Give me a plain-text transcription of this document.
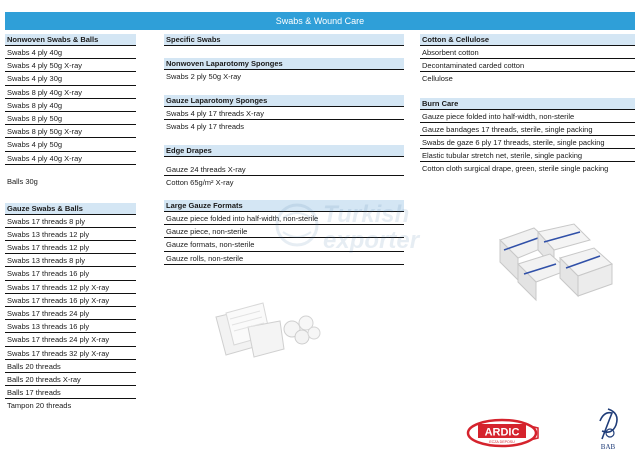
Swabs & Wound Care
Nonwoven Swabs & Balls
Swabs 4 ply 40g
Swabs 4 ply 50g X-ray
Swabs 4 ply 30g
Swabs 8 ply 40g X-ray
Swabs 8 ply 40g
Swabs 8 ply 50g
Swabs 8 ply 50g X-ray
Swabs 4 ply 50g
Swabs 4 ply 40g X-ray
Balls 30g
Gauze Swabs & Balls
Swabs 17 threads 8 ply
Swabs 13 threads 12 ply
Swabs 17 threads 12 ply
Swabs 13 threads 8 ply
Swabs 17 threads 16 ply
Swabs 17 threads 12 ply X-ray
Swabs 17 threads 16 ply X-ray
Swabs 17 threads 24 ply
Swabs 13 threads 16 ply
Swabs 17 threads 24 ply X-ray
Swabs 17 threads 32 ply X-ray
Balls 20 threads
Balls 20 threads X-ray
Balls 17 threads
Tampon 20 threads
Specific Swabs
Nonwoven Laparotomy Sponges
Swabs 2 ply 50g X-ray
Gauze Laparotomy Sponges
Swabs 4 ply 17 threads X-ray
Swabs 4 ply 17 threads
Edge Drapes
Gauze 24 threads X-ray
Cotton 65g/m² X-ray
Large Gauze Formats
Gauze piece folded into half-width, non-sterile
Gauze piece, non-sterile
Gauze formats, non-sterile
Gauze rolls, non-sterile
Cotton & Cellulose
Absorbent cotton
Decontaminated carded cotton
Cellulose
Burn Care
Gauze piece folded into half-width, non-sterile
Gauze bandages 17 threads, sterile, single packing
Swabs de gaze 6 ply 17 threads, sterile, single packing
Elastic tubular stretch net, sterile, single packing
Cotton cloth surgical drape, green, sterile single packing
Turkish
exporter
ARDIC
ECZA DEPOSU
BAB
